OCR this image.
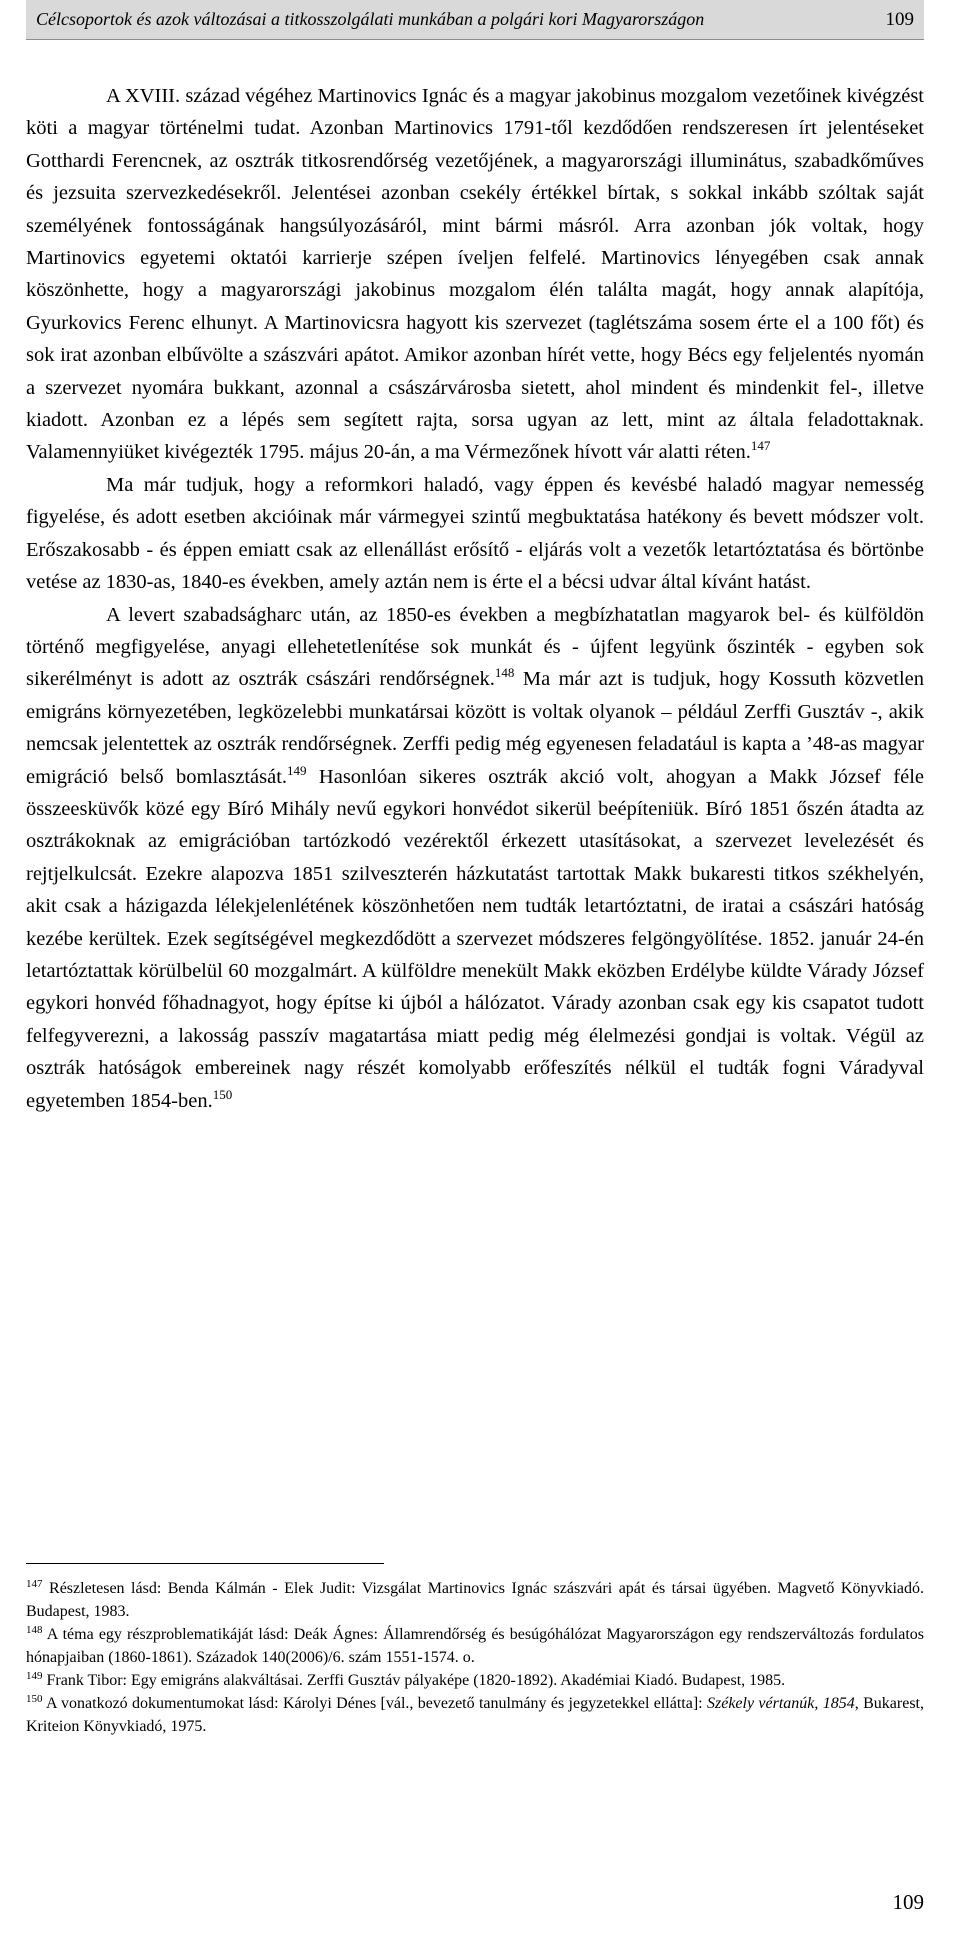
Célcsoportok és azok változásai a titkosszolgálati munkában a polgári kori Magyarországon	109

A XVIII. század végéhez Martinovics Ignác és a magyar jakobinus mozgalom vezetőinek kivégzést köti a magyar történelmi tudat. Azonban Martinovics 1791-től kezdődően rendszeresen írt jelentéseket Gotthardi Ferencnek, az osztrák titkosrendőrség vezetőjének, a magyarországi illuminátus, szabadkőműves és jezsuita szervezkedésekről. Jelentései azonban csekély értékkel bírtak, s sokkal inkább szóltak saját személyének fontosságának hangsúlyozásáról, mint bármi másról. Arra azonban jók voltak, hogy Martinovics egyetemi oktatói karrierje szépen íveljen felfelé. Martinovics lényegében csak annak köszönhette, hogy a magyarországi jakobinus mozgalom élén találta magát, hogy annak alapítója, Gyurkovics Ferenc elhunyt. A Martinovicsra hagyott kis szervezet (taglétszáma sosem érte el a 100 főt) és sok irat azonban elbűvölte a szászvári apátot. Amikor azonban hírét vette, hogy Bécs egy feljelentés nyomán a szervezet nyomára bukkant, azonnal a császárvárosba sietett, ahol mindent és mindenkit fel-, illetve kiadott. Azonban ez a lépés sem segített rajta, sorsa ugyan az lett, mint az általa feladottaknak. Valamennyiüket kivégezték 1795. május 20-án, a ma Vérmezőnek hívott vár alatti réten.$^{147}$

Ma már tudjuk, hogy a reformkori haladó, vagy éppen és kevésbé haladó magyar nemesség figyelése, és adott esetben akcióinak már vármegyei szintű megbuktatása hatékony és bevett módszer volt. Erőszakosabb - és éppen emiatt csak az ellenállást erősítő - eljárás volt a vezetők letartóztatása és börtönbe vetése az 1830-as, 1840-es években, amely aztán nem is érte el a bécsi udvar által kívánt hatást.

A levert szabadságharc után, az 1850-es években a megbízhatatlan magyarok bel- és külföldön történő megfigyelése, anyagi ellehetetlenítése sok munkát és - újfent legyünk őszinték - egyben sok sikerélményt is adott az osztrák császári rendőrségnek.$^{148}$ Ma már azt is tudjuk, hogy Kossuth közvetlen emigráns környezetében, legközelebbi munkatársai között is voltak olyanok – például Zerffi Gusztáv -, akik nemcsak jelentettek az osztrák rendőrségnek. Zerffi pedig még egyenesen feladatául is kapta a ’48-as magyar emigráció belső bomlasztását.$^{149}$ Hasonlóan sikeres osztrák akció volt, ahogyan a Makk József féle összeesküvők közé egy Bíró Mihály nevű egykori honvédot sikerül beépíteniük. Bíró 1851 őszén átadta az osztrákoknak az emigrációban tartózkodó vezérektől érkezett utasításokat, a szervezet levelezését és rejtjelkulcsát. Ezekre alapozva 1851 szilveszterén házkutatást tartottak Makk bukaresti titkos székhelyén, akit csak a házigazda lélekjelenlétének köszönhetően nem tudták letartóztatni, de iratai a császári hatóság kezébe kerültek. Ezek segítségével megkezdődött a szervezet módszeres felgöngyölítése. 1852. január 24-én letartóztattak körülbelül 60 mozgalmárt. A külföldre menekült Makk eközben Erdélybe küldte Várady József egykori honvéd főhadnagyot, hogy építse ki újból a hálózatot. Várady azonban csak egy kis csapatot tudott felfegyverezni, a lakosság passzív magatartása miatt pedig még élelmezési gondjai is voltak. Végül az osztrák hatóságok embereinek nagy részét komolyabb erőfeszítés nélkül el tudták fogni Váradyval egyetemben 1854-ben.$^{150}$

$^{147}$ Részletesen lásd: Benda Kálmán - Elek Judit: Vizsgálat Martinovics Ignác szászvári apát és társai ügyében. Magvető Könyvkiadó. Budapest, 1983.

$^{148}$ A téma egy részproblematikáját lásd: Deák Ágnes: Államrendőrség és besúgóhálózat Magyarországon egy rendszerváltozás fordulatos hónapjaiban (1860-1861). Századok 140(2006)/6. szám 1551-1574. o.

$^{149}$ Frank Tibor: Egy emigráns alakváltásai. Zerffi Gusztáv pályaképe (1820-1892). Akadémiai Kiadó. Budapest, 1985.

$^{150}$ A vonatkozó dokumentumokat lásd: Károlyi Dénes [vál., bevezető tanulmány és jegyzetekkel ellátta]: Székely vértanúk, 1854, Bukarest, Kriteion Könyvkiadó, 1975.

109
